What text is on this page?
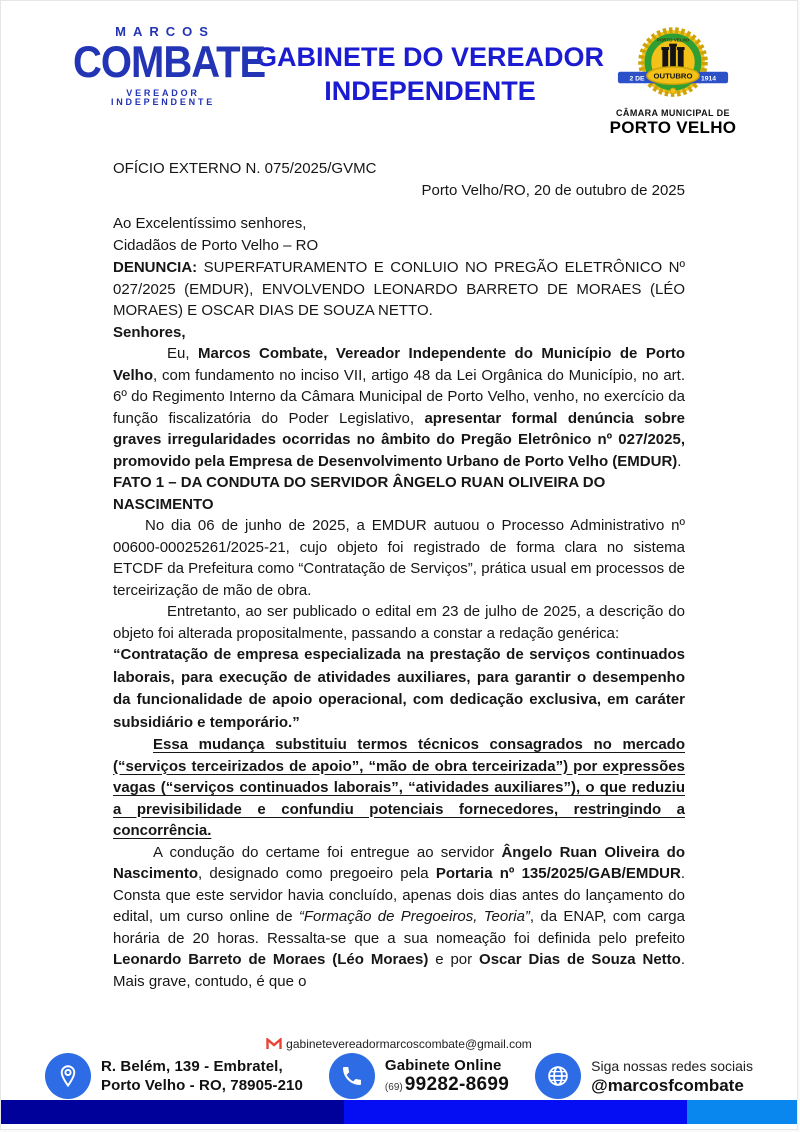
MARCOS
COMBATE
VEREADOR INDEPENDENTE
GABINETE DO VEREADOR
INDEPENDENTE
PORTO VELHO
2 DE	1914
OUTUBRO
CÂMARA MUNICIPAL DE
PORTO VELHO

OFÍCIO EXTERNO N. 075/2025/GVMC

Porto Velho/RO, 20 de outubro de 2025

Ao Excelentíssimo senhores,
Cidadãos de Porto Velho – RO

DENUNCIA: SUPERFATURAMENTO E CONLUIO NO PREGÃO ELETRÔNICO Nº 027/2025 (EMDUR), ENVOLVENDO LEONARDO BARRETO DE MORAES (LÉO MORAES) E OSCAR DIAS DE SOUZA NETTO.

Senhores,

Eu, Marcos Combate, Vereador Independente do Município de Porto Velho, com fundamento no inciso VII, artigo 48 da Lei Orgânica do Município, no art. 6º do Regimento Interno da Câmara Municipal de Porto Velho, venho, no exercício da função fiscalizatória do Poder Legislativo, apresentar formal denúncia sobre graves irregularidades ocorridas no âmbito do Pregão Eletrônico nº 027/2025, promovido pela Empresa de Desenvolvimento Urbano de Porto Velho (EMDUR).

FATO 1 – DA CONDUTA DO SERVIDOR ÂNGELO RUAN OLIVEIRA DO NASCIMENTO

No dia 06 de junho de 2025, a EMDUR autuou o Processo Administrativo nº 00600-00025261/2025-21, cujo objeto foi registrado de forma clara no sistema ETCDF da Prefeitura como “Contratação de Serviços”, prática usual em processos de terceirização de mão de obra.

Entretanto, ao ser publicado o edital em 23 de julho de 2025, a descrição do objeto foi alterada propositalmente, passando a constar a redação genérica:

“Contratação de empresa especializada na prestação de serviços continuados laborais, para execução de atividades auxiliares, para garantir o desempenho da funcionalidade de apoio operacional, com dedicação exclusiva, em caráter subsidiário e temporário.”

Essa mudança substituiu termos técnicos consagrados no mercado (“serviços terceirizados de apoio”, “mão de obra terceirizada”) por expressões vagas (“serviços continuados laborais”, “atividades auxiliares”), o que reduziu a previsibilidade e confundiu potenciais fornecedores, restringindo a concorrência.

A condução do certame foi entregue ao servidor Ângelo Ruan Oliveira do Nascimento, designado como pregoeiro pela Portaria nº 135/2025/GAB/EMDUR. Consta que este servidor havia concluído, apenas dois dias antes do lançamento do edital, um curso online de “Formação de Pregoeiros, Teoria”, da ENAP, com carga horária de 20 horas. Ressalta-se que a sua nomeação foi definida pelo prefeito Leonardo Barreto de Moraes (Léo Moraes) e por Oscar Dias de Souza Netto. Mais grave, contudo, é que o

gabinetevereadormarcoscombate@gmail.com
R. Belém, 139 - Embratel,
Porto Velho - RO, 78905-210
Gabinete Online
(69) 99282-8699
Siga nossas redes sociais
@marcosfcombate
